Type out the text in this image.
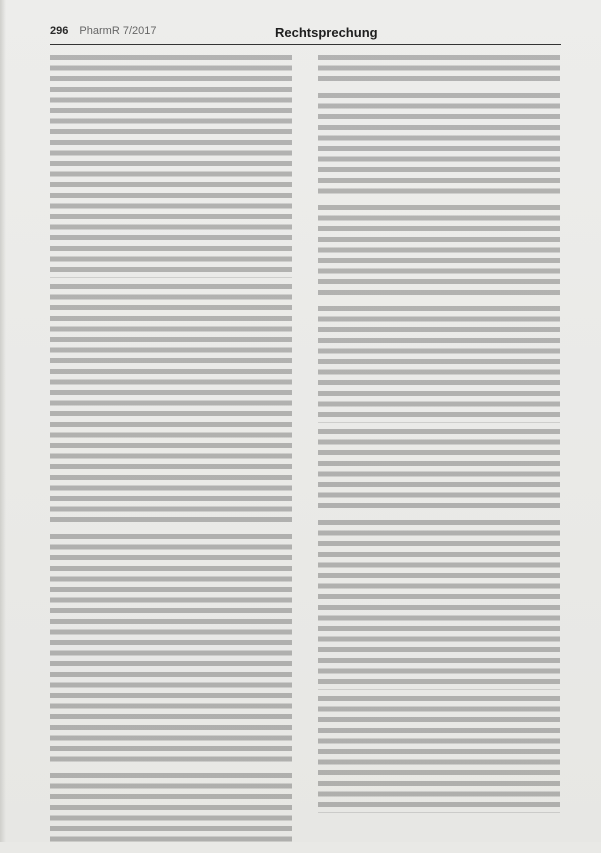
296 PharmR 7/2017	Rechtsprechung
